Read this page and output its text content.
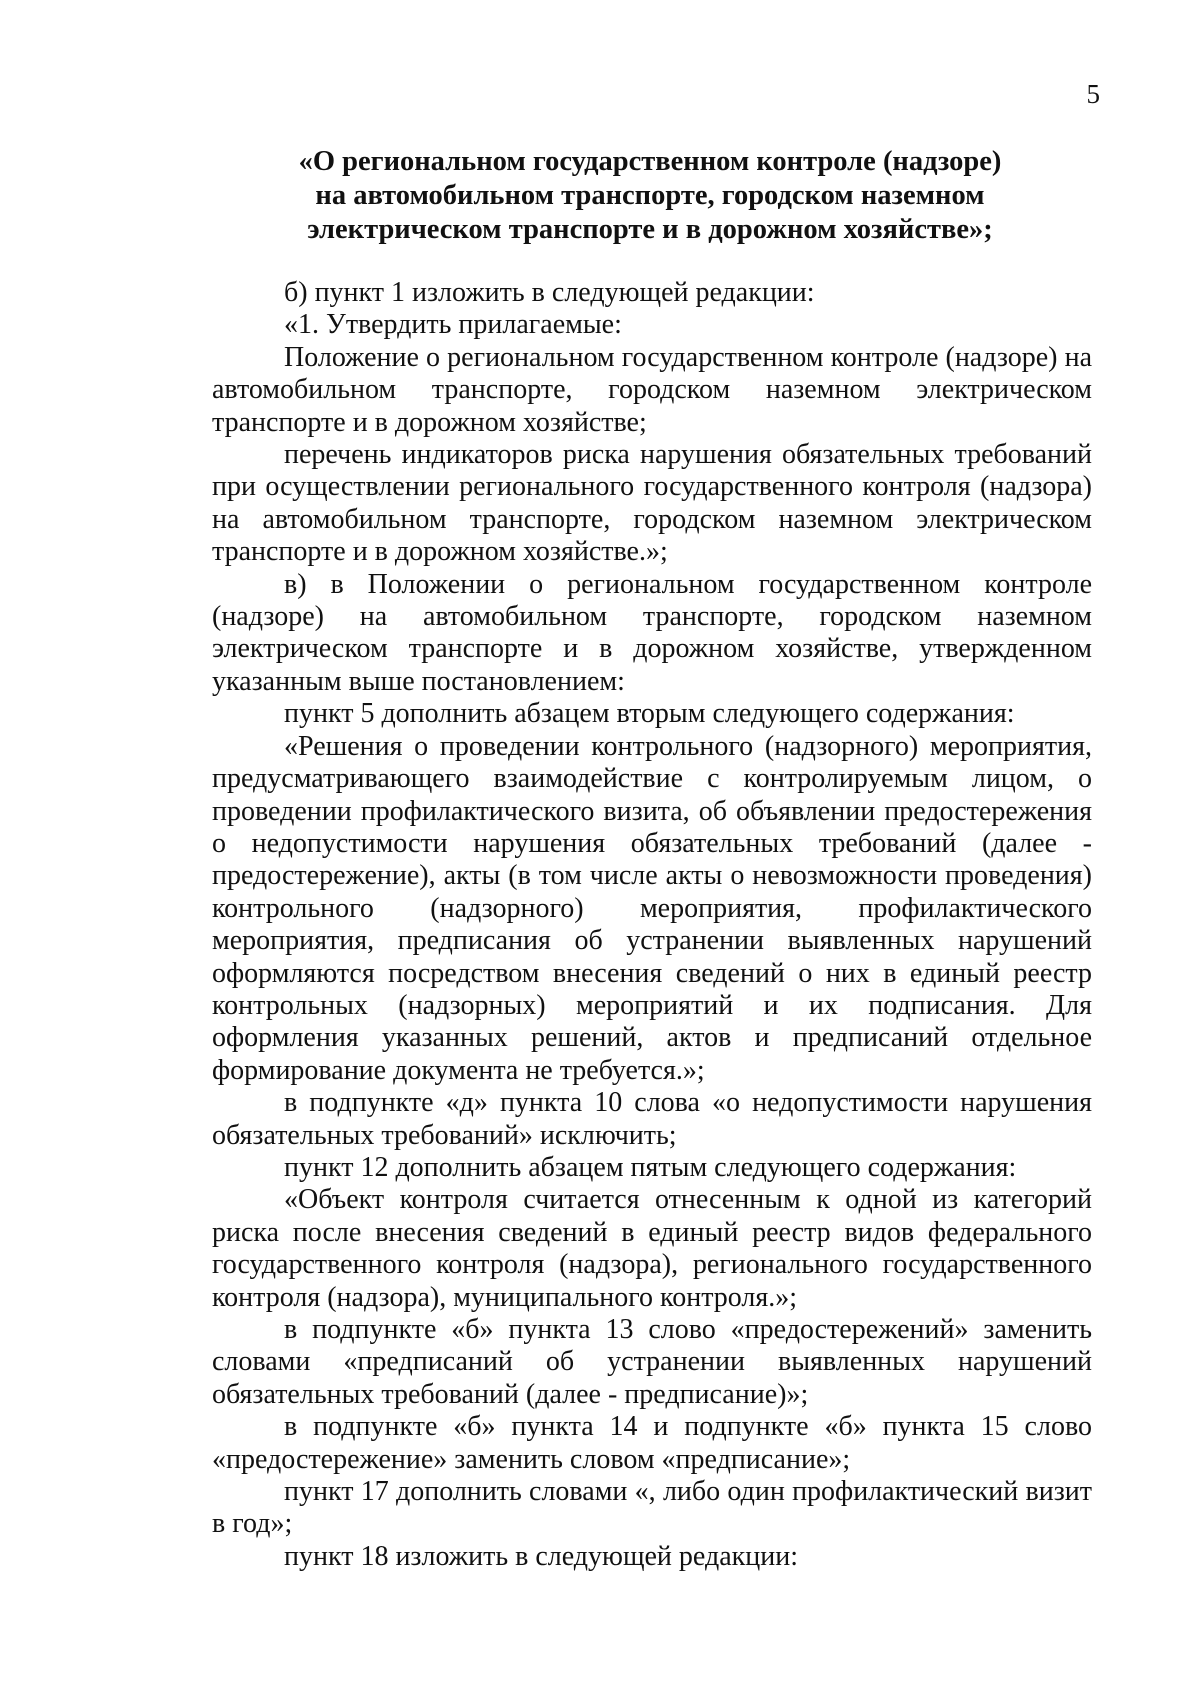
5
«О региональном государственном контроле (надзоре)
на автомобильном транспорте, городском наземном
электрическом транспорте и в дорожном хозяйстве»;

б) пункт 1 изложить в следующей редакции:

«1. Утвердить прилагаемые:

Положение о региональном государственном контроле (надзоре) на автомобильном транспорте, городском наземном электрическом транспорте и в дорожном хозяйстве;

перечень индикаторов риска нарушения обязательных требований при осуществлении регионального государственного контроля (надзора) на автомобильном транспорте, городском наземном электрическом транспорте и в дорожном хозяйстве.»;

в) в Положении о региональном государственном контроле (надзоре) на автомобильном транспорте, городском наземном электрическом транспорте и в дорожном хозяйстве, утвержденном указанным выше постановлением:

пункт 5 дополнить абзацем вторым следующего содержания:

«Решения о проведении контрольного (надзорного) мероприятия, предусматривающего взаимодействие с контролируемым лицом, о проведении профилактического визита, об объявлении предостережения о недопустимости нарушения обязательных требований (далее - предостережение), акты (в том числе акты о невозможности проведения) контрольного (надзорного) мероприятия, профилактического мероприятия, предписания об устранении выявленных нарушений оформляются посредством внесения сведений о них в единый реестр контрольных (надзорных) мероприятий и их подписания. Для оформления указанных решений, актов и предписаний отдельное формирование документа не требуется.»;

в подпункте «д» пункта 10 слова «о недопустимости нарушения обязательных требований» исключить;

пункт 12 дополнить абзацем пятым следующего содержания:

«Объект контроля считается отнесенным к одной из категорий риска после внесения сведений в единый реестр видов федерального государственного контроля (надзора), регионального государственного контроля (надзора), муниципального контроля.»;

в подпункте «б» пункта 13 слово «предостережений» заменить словами «предписаний об устранении выявленных нарушений обязательных требований (далее - предписание)»;

в подпункте «б» пункта 14 и подпункте «б» пункта 15 слово «предостережение» заменить словом «предписание»;

пункт 17 дополнить словами «, либо один профилактический визит в год»;

пункт 18 изложить в следующей редакции:
